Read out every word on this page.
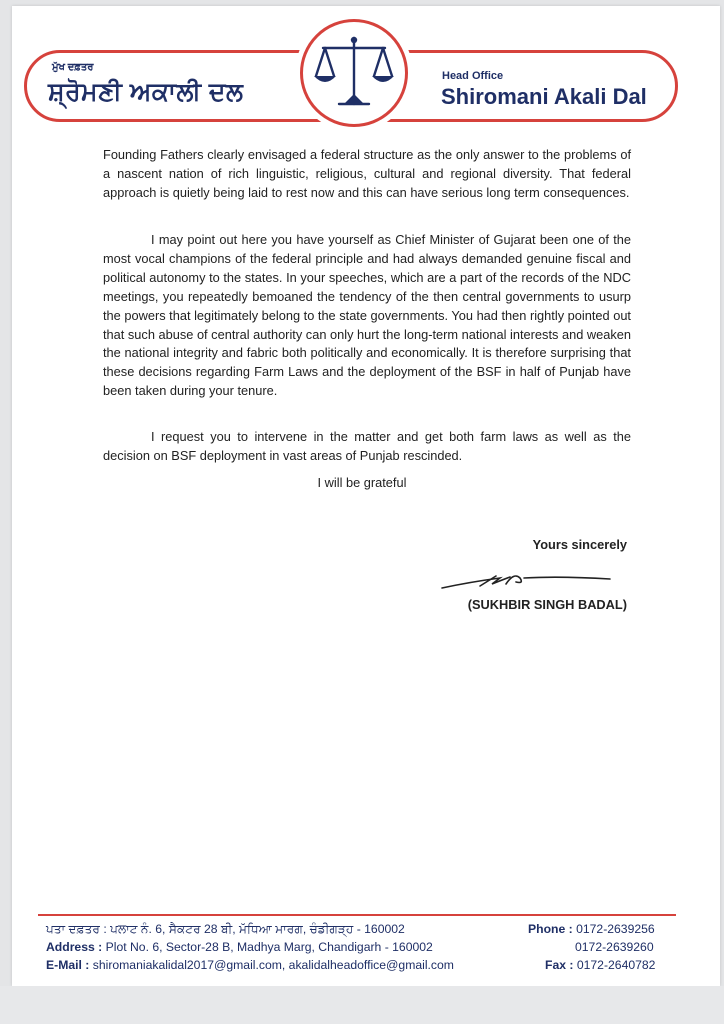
ਮੁੱਖ ਦਫ਼ਤਰ
ਸ਼੍ਰੋਮਣੀ ਅਕਾਲੀ ਦਲ
Head Office
Shiromani Akali Dal

Founding Fathers clearly envisaged a federal structure as the only answer to the problems of a nascent nation of rich linguistic, religious, cultural and regional diversity. That federal approach is quietly being laid to rest now and this can have serious long term consequences.

I may point out here you have yourself as Chief Minister of Gujarat been one of the most vocal champions of the federal principle and had always demanded genuine fiscal and political autonomy to the states. In your speeches, which are a part of the records of the NDC meetings, you repeatedly bemoaned the tendency of the then central governments to usurp the powers that legitimately belong to the state governments. You had then rightly pointed out that such abuse of central authority can only hurt the long-term national interests and weaken the national integrity and fabric both politically and economically. It is therefore surprising that these decisions regarding Farm Laws and the deployment of the BSF in half of Punjab have been taken during your tenure.

I request you to intervene in the matter and get both farm laws as well as the decision on BSF deployment in vast areas of Punjab rescinded.

I will be grateful
Yours sincerely
(SUKHBIR SINGH BADAL)
ਪਤਾ ਦਫ਼ਤਰ : ਪਲਾਟ ਨੰ. 6, ਸੈਕਟਰ 28 ਬੀ, ਮੱਧਿਆ ਮਾਰਗ, ਚੰਡੀਗੜ੍ਹ - 160002
Address : Plot No. 6, Sector-28 B, Madhya Marg, Chandigarh - 160002
E-Mail : shiromaniakalidal2017@gmail.com, akalidalheadoffice@gmail.com
Phone : 0172-2639256
0172-2639260
Fax : 0172-2640782
